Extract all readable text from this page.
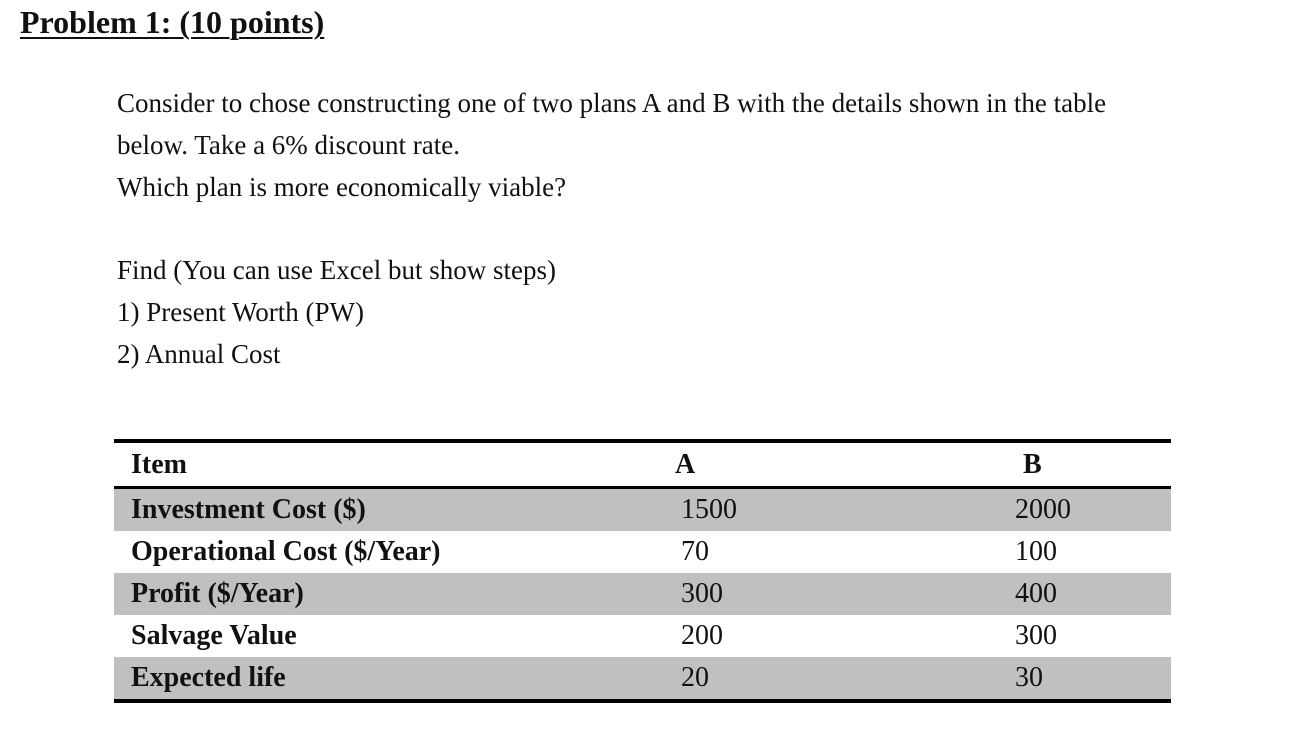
Problem 1: (10 points)

Consider to chose constructing one of two plans A and B with the details shown in the table

below. Take a 6% discount rate.

Which plan is more economically viable?

Find (You can use Excel but show steps)

1) Present Worth (PW)

2) Annual Cost

Item	A	B
Investment Cost ($)	1500	2000
Operational Cost ($/Year)	70	100
Profit ($/Year)	300	400
Salvage Value	200	300
Expected life	20	30
